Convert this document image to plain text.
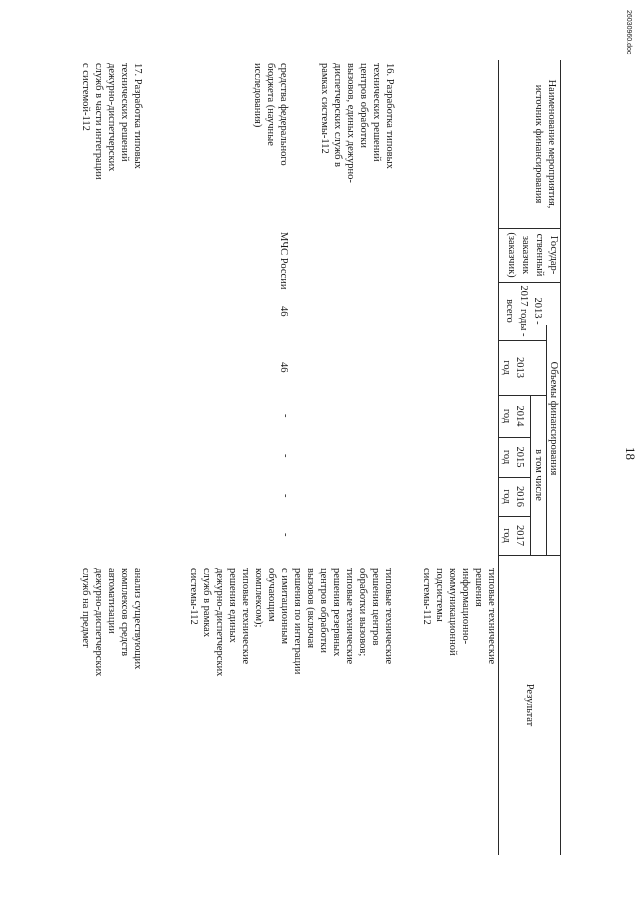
18
Наименование мероприятия,
источник финансирования
Государ-
ственный
заказчик
(заказчик)
2013 -
2017 годы -
всего
Объемы финансирования
в том числе
2013
год
2014
год
2015
год
2016
год
2017
год
Результат
типовые технические
решения
информационно-
коммуникационной
подсистемы
системы-112
16. Разработка типовых
технических решений
центров обработки
вызовов, единых дежурно-
диспетчерских служб в
рамках системы-112
средства федерального
бюджета (научные
исследования)
МЧС России
46
46
-
-
-
-
типовые технические
решения центров
обработки вызовов;
типовые технические
решения резервных
центров обработки
вызовов (включая
решения по интеграции
с имитационным
обучающим
комплексом);
типовые технические
решения единых
дежурно-диспетчерских
служб в рамках
системы-112
17. Разработка типовых
технических решений
дежурно-диспетчерских
служб в части интеграции
с системой-112
анализ существующих
комплексов средств
автоматизации
дежурно-диспетчерских
служб на предмет
26030960.doc
